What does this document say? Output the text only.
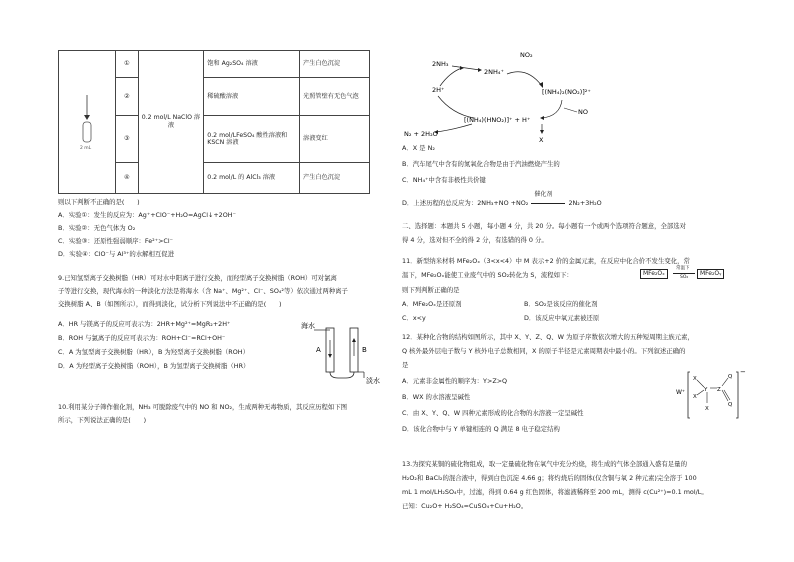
2 mL	①	0.2 mol/L NaClO 溶液	饱和 Ag₂SO₄ 溶液	产生白色沉淀
	②		稀硫酸溶液	光照管壁有无色气泡
	③		0.2 mol/LFeSO₄ 酸性溶液和 KSCN 溶液	溶液变红
	④		0.2 mol/L 的 AlCl₃ 溶液	产生白色沉淀
则以下判断不正确的是(　　)
A．实验①：发生的反应为：Ag⁺+ClO⁻+H₂O=AgCl↓+2OH⁻
B．实验②：无色气体为 O₂
C．实验③：还原性强弱顺序：Fe²⁺>Cl⁻
D．实验④：ClO⁻与 Al³⁺的水解相互促进
9.已知氢型离子交换树脂（HR）可对水中阳离子进行交换，而羟型离子交换树脂（ROH）可对氯离
子等进行交换，现代海水的一种淡化方法是将海水（含 Na⁺、Mg²⁺、Cl⁻、SO₄²等）依次通过两种离子
交换树脂 A、B（如图所示），而得到淡化，试分析下列说法中不正确的是(　　)
A．HR 与镁离子的反应可表示为：2HR+Mg²⁺=MgR₂+2H⁺
B．ROH 与氯离子的反应可表示为：ROH+Cl⁻=RCl+OH⁻
C．A 为氢型离子交换树脂（HR），B 为羟型离子交换树脂（ROH）
D．A 为羟型离子交换树脂（ROH），B 为氢型离子交换树脂（HR）
海水
A	B
淡水
10.利用某分子筛作催化剂，NH₃ 可脱除废气中的 NO 和 NO₂，生成两种无毒物质，其反应历程如下图
所示，下列说法正确的是(　　)
2NH₃
2NH₄⁺
NO₂
[(NH₄)₂(NO₂)]²⁺
2H⁺
[(NH₄)(HNO₂)]⁺ + H⁺
NO
N₂ + 2H₂O
X
A．X 是 N₂
B．汽车尾气中含有的氮氧化合物是由于汽油燃烧产生的
C．NH₄⁺中含有非极性共价键
D．上述历程的总反应为：2NH₃+NO +NO₂
催化剂
2N₂+3H₂O
二、选择题：本题共 5 小题，每小题 4 分，共 20 分。每小题有一个或两个选项符合题意，全部选对
得 4 分，选对但不全的得 2 分，有选错的得 0 分。
11．新型纳米材料 MFe₂Oₓ（3<x<4）中 M 表示+2 价的金属元素，在反应中化合价不发生变化，常
温下，MFe₂Oₓ能使工业废气中的 SO₂转化为 S，流程如下：	MFe₂Oₓ
常温下
SO₂
MFe₂Oᵧ
则下列判断正确的是
A．MFe₂Oₓ是还原剂	B．SO₂是该反应的催化剂
C．x<y	D．该反应中氧元素被还原
12．某种化合物的结构如图所示，其中 X、Y、Z、Q、W 为原子序数依次增大的五种短周期主族元素，
Q 核外最外层电子数与 Y 核外电子总数相同，X 的原子半径是元素周期表中最小的。下列叙述正确的
是
A．元素非金属性的顺序为：Y>Z>Q
B．WX 的水溶液呈碱性
C．由 X、Y、Q、W 四种元素形成的化合物的水溶液一定呈碱性
D．该化合物中与 Y 单键相连的 Q 满足 8 电子稳定结构
W⁺
−
X
X
Y
X
Z
Q
Q
13.为探究某铜的硫化物组成，取一定量硫化物在氧气中充分灼烧，将生成的气体全部通入盛有足量的
H₂O₂和 BaCl₂的混合液中，得到白色沉淀 4.66 g；将灼烧后的固体(仅含铜与氧 2 种元素)完全溶于 100
mL 1 mol/LH₂SO₄中，过滤，得到 0.64 g 红色固体，将滤液稀释至 200 mL，测得 c(Cu²⁺)=0.1 mol/L。
已知：Cu₂O+ H₂SO₄=CuSO₄+Cu+H₂O。
